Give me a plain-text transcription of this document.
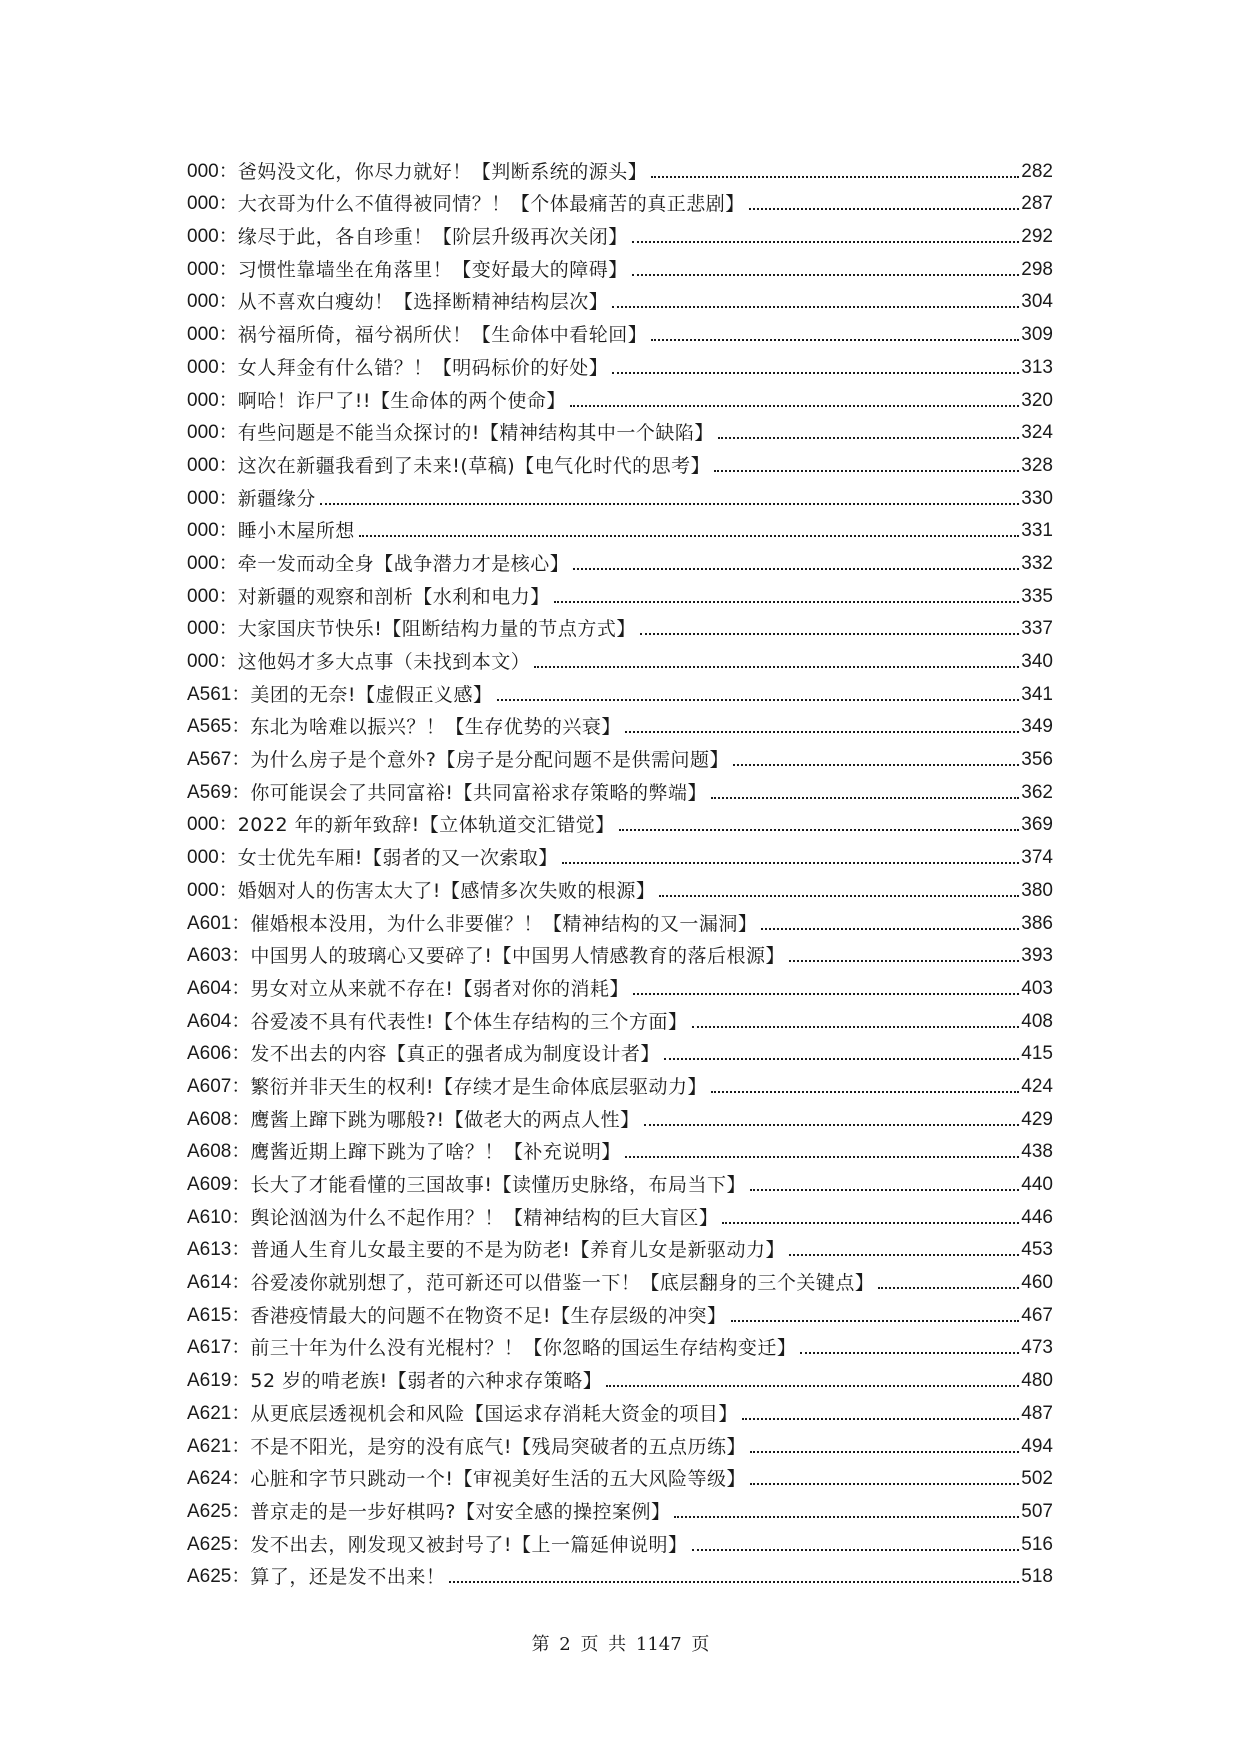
000： 爸妈没文化，你尽力就好！【判断系统的源头】	282
000： 大衣哥为什么不值得被同情？！【个体最痛苦的真正悲剧】	287
000： 缘尽于此，各自珍重！【阶层升级再次关闭】	292
000： 习惯性靠墙坐在角落里！【变好最大的障碍】	298
000： 从不喜欢白瘦幼！【选择断精神结构层次】	304
000： 祸兮福所倚，福兮祸所伏！【生命体中看轮回】	309
000： 女人拜金有什么错？！【明码标价的好处】	313
000： 啊哈！诈尸了!!【生命体的两个使命】	320
000： 有些问题是不能当众探讨的!【精神结构其中一个缺陷】	324
000： 这次在新疆我看到了未来!(草稿)【电气化时代的思考】	328
000： 新疆缘分	330
000： 睡小木屋所想	331
000： 牵一发而动全身【战争潜力才是核心】	332
000： 对新疆的观察和剖析【水利和电力】	335
000： 大家国庆节快乐!【阻断结构力量的节点方式】	337
000： 这他妈才多大点事（未找到本文）	340
A561： 美团的无奈!【虚假正义感】	341
A565： 东北为啥难以振兴？！【生存优势的兴衰】	349
A567： 为什么房子是个意外?【房子是分配问题不是供需问题】	356
A569： 你可能误会了共同富裕!【共同富裕求存策略的弊端】	362
000： 2022 年的新年致辞!【立体轨道交汇错觉】	369
000： 女士优先车厢!【弱者的又一次索取】	374
000： 婚姻对人的伤害太大了!【感情多次失败的根源】	380
A601： 催婚根本没用，为什么非要催？！【精神结构的又一漏洞】	386
A603： 中国男人的玻璃心又要碎了!【中国男人情感教育的落后根源】	393
A604： 男女对立从来就不存在!【弱者对你的消耗】	403
A604： 谷爱凌不具有代表性!【个体生存结构的三个方面】	408
A606： 发不出去的内容【真正的强者成为制度设计者】	415
A607： 繁衍并非天生的权利!【存续才是生命体底层驱动力】	424
A608： 鹰酱上蹿下跳为哪般?!【做老大的两点人性】	429
A608： 鹰酱近期上蹿下跳为了啥？！【补充说明】	438
A609： 长大了才能看懂的三国故事!【读懂历史脉络，布局当下】	440
A610： 舆论汹汹为什么不起作用？！【精神结构的巨大盲区】	446
A613： 普通人生育儿女最主要的不是为防老!【养育儿女是新驱动力】	453
A614： 谷爱凌你就别想了，范可新还可以借鉴一下！【底层翻身的三个关键点】	460
A615： 香港疫情最大的问题不在物资不足!【生存层级的冲突】	467
A617： 前三十年为什么没有光棍村？！【你忽略的国运生存结构变迁】	473
A619： 52 岁的啃老族!【弱者的六种求存策略】	480
A621： 从更底层透视机会和风险【国运求存消耗大资金的项目】	487
A621： 不是不阳光，是穷的没有底气!【残局突破者的五点历练】	494
A624： 心脏和字节只跳动一个!【审视美好生活的五大风险等级】	502
A625： 普京走的是一步好棋吗?【对安全感的操控案例】	507
A625： 发不出去，刚发现又被封号了!【上一篇延伸说明】	516
A625： 算了，还是发不出来！	518
第 2 页 共 1147 页
